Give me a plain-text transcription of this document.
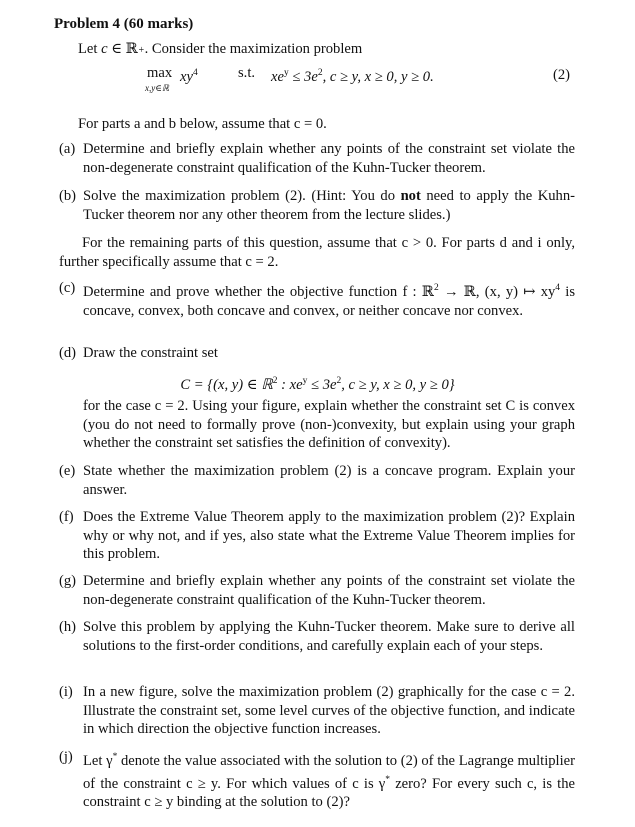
Problem 4 (60 marks)
Let c ∈ ℝ+. Consider the maximization problem
max
x,y∈ℝ
$xy^4$	s.t. $xe^y \le 3e^2$, c ≥ y, x ≥ 0, y ≥ 0.	(2)
For parts a and b below, assume that c = 0.
(a) Determine and briefly explain whether any points of the constraint set violate the non-degenerate constraint qualification of the Kuhn-Tucker theorem.
(b) Solve the maximization problem (2). (Hint: You do not need to apply the Kuhn-Tucker theorem nor any other theorem from the lecture slides.)
For the remaining parts of this question, assume that c > 0. For parts d and i only, further specifically assume that c = 2.
(c) Determine and prove whether the objective function f : ℝ$^2$ → ℝ, (x, y) ↦ $xy^4$ is concave, convex, both concave and convex, or neither concave nor convex.
(d) Draw the constraint set
C = {(x, y) ∈ ℝ$^2$ : $xe^y \le 3e^2$, c ≥ y, x ≥ 0, y ≥ 0}
for the case c = 2. Using your figure, explain whether the constraint set C is convex (you do not need to formally prove (non-)convexity, but explain using your graph whether the constraint set satisfies the definition of convexity).
(e) State whether the maximization problem (2) is a concave program. Explain your answer.
(f) Does the Extreme Value Theorem apply to the maximization problem (2)? Explain why or why not, and if yes, also state what the Extreme Value Theorem implies for this problem.
(g) Determine and briefly explain whether any points of the constraint set violate the non-degenerate constraint qualification of the Kuhn-Tucker theorem.
(h) Solve this problem by applying the Kuhn-Tucker theorem. Make sure to derive all solutions to the first-order conditions, and carefully explain each of your steps.
(i) In a new figure, solve the maximization problem (2) graphically for the case c = 2. Illustrate the constraint set, some level curves of the objective function, and indicate in which direction the objective function increases.
(j) Let γ* denote the value associated with the solution to (2) of the Lagrange multiplier of the constraint c ≥ y. For which values of c is γ* zero? For every such c, is the constraint c ≥ y binding at the solution to (2)?
